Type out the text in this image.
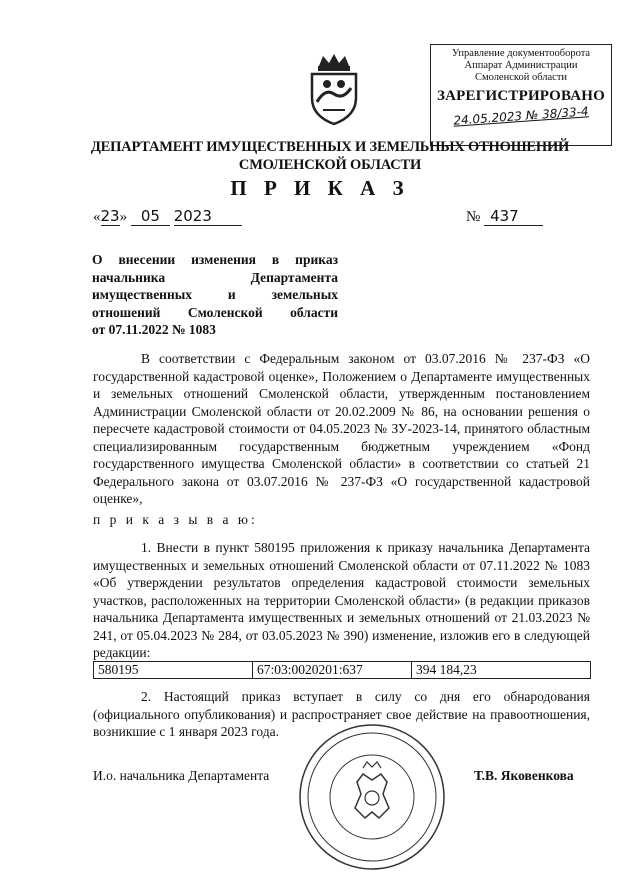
Управление документооборота
Аппарат Администрации
Смоленской области
ЗАРЕГИСТРИРОВАНО
24.05.2023 № 38/33-4
ДЕПАРТАМЕНТ ИМУЩЕСТВЕННЫХ И ЗЕМЕЛЬНЫХ ОТНОШЕНИЙ
СМОЛЕНСКОЙ ОБЛАСТИ
П Р И К А З
«23» 05 2023	№ 437
О внесении изменения в приказ
начальника Департамента
имущественных и земельных
отношений Смоленской области
от 07.11.2022 № 1083
В соответствии с Федеральным законом от 03.07.2016 № 237-ФЗ «О государственной кадастровой оценке», Положением о Департаменте имущественных и земельных отношений Смоленской области, утвержденным постановлением Администрации Смоленской области от 20.02.2009 № 86, на основании решения о пересчете кадастровой стоимости от 04.05.2023 № ЗУ-2023-14, принятого областным специализированным государственным бюджетным учреждением «Фонд государственного имущества Смоленской области» в соответствии со статьей 21 Федерального закона от 03.07.2016 № 237-ФЗ «О государственной кадастровой оценке»,
п р и к а з ы в а ю:
1. Внести в пункт 580195 приложения к приказу начальника Департамента имущественных и земельных отношений Смоленской области от 07.11.2022 № 1083 «Об утверждении результатов определения кадастровой стоимости земельных участков, расположенных на территории Смоленской области» (в редакции приказов начальника Департамента имущественных и земельных отношений от 21.03.2023 № 241, от 05.04.2023 № 284, от 03.05.2023 № 390) изменение, изложив его в следующей редакции:
580195	67:03:0020201:637	394 184,23
2. Настоящий приказ вступает в силу со дня его обнародования (официального опубликования) и распространяет свое действие на правоотношения, возникшие с 1 января 2023 года.
И.о. начальника Департамента	Т.В. Яковенкова
